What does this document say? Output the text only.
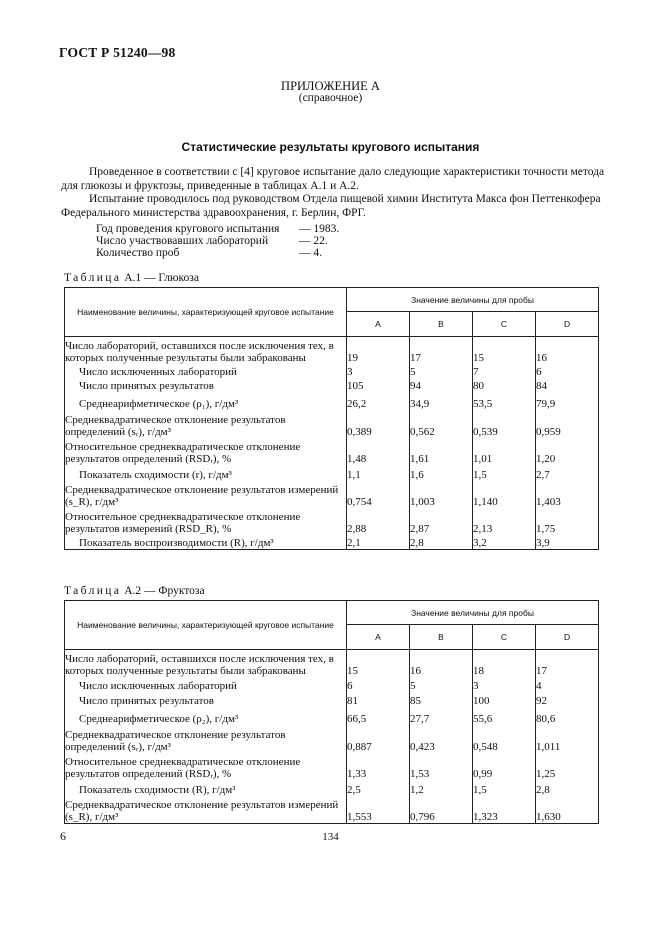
ГОСТ Р 51240—98
ПРИЛОЖЕНИЕ А
(справочное)
Статистические результаты кругового испытания
Проведенное в соответствии с [4] круговое испытание дало следующие характеристики точности метода для глюкозы и фруктозы, приведенные в таблицах А.1 и А.2.
Испытание проводилось под руководством Отдела пищевой химии Института Макса фон Петтенкофера Федерального министерства здравоохранения, г. Берлин, ФРГ.
Год проведения кругового испытания — 1983.
Число участвовавших лабораторий	— 22.
Количество проб	— 4.
Таблица А.1 — Глюкоза
Наименование величины, характеризующей круговое испытание	Значение величины для пробы			
	A	B	C	D
Число лабораторий, оставшихся после исключения тех, в которых полученные результаты были забракованы	19	17	15	16
Число исключенных лабораторий	3	5	7	6
Число принятых результатов	105	94	80	84
Среднеарифметическое (ρ₁), г/дм³	26,2	34,9	53,5	79,9
Среднеквадратическое отклонение результатов определений (sᵣ), г/дм³	0,389	0,562	0,539	0,959
Относительное среднеквадратическое отклонение результатов определений (RSDᵣ), %	1,48	1,61	1,01	1,20
Показатель сходимости (r), г/дм³	1,1	1,6	1,5	2,7
Среднеквадратическое отклонение результатов измерений (s_R), г/дм³	0,754	1,003	1,140	1,403
Относительное среднеквадратическое отклонение результатов измерений (RSD_R), %	2,88	2,87	2,13	1,75
Показатель воспроизводимости (R), г/дм³	2,1	2,8	3,2	3,9
Таблица А.2 — Фруктоза
Наименование величины, характеризующей круговое испытание	Значение величины для пробы			
	A	B	C	D
Число лабораторий, оставшихся после исключения тех, в которых полученные результаты были забракованы	15	16	18	17
Число исключенных лабораторий	6	5	3	4
Число принятых результатов	81	85	100	92
Среднеарифметическое (ρ₂), г/дм³	66,5	27,7	55,6	80,6
Среднеквадратическое отклонение результатов определений (sᵣ), г/дм³	0,887	0,423	0,548	1,011
Относительное среднеквадратическое отклонение результатов определений (RSDᵣ), %	1,33	1,53	0,99	1,25
Показатель сходимости (R), г/дм³	2,5	1,2	1,5	2,8
Среднеквадратическое отклонение результатов измерений (s_R), г/дм³	1,553	0,796	1,323	1,630
6	134
